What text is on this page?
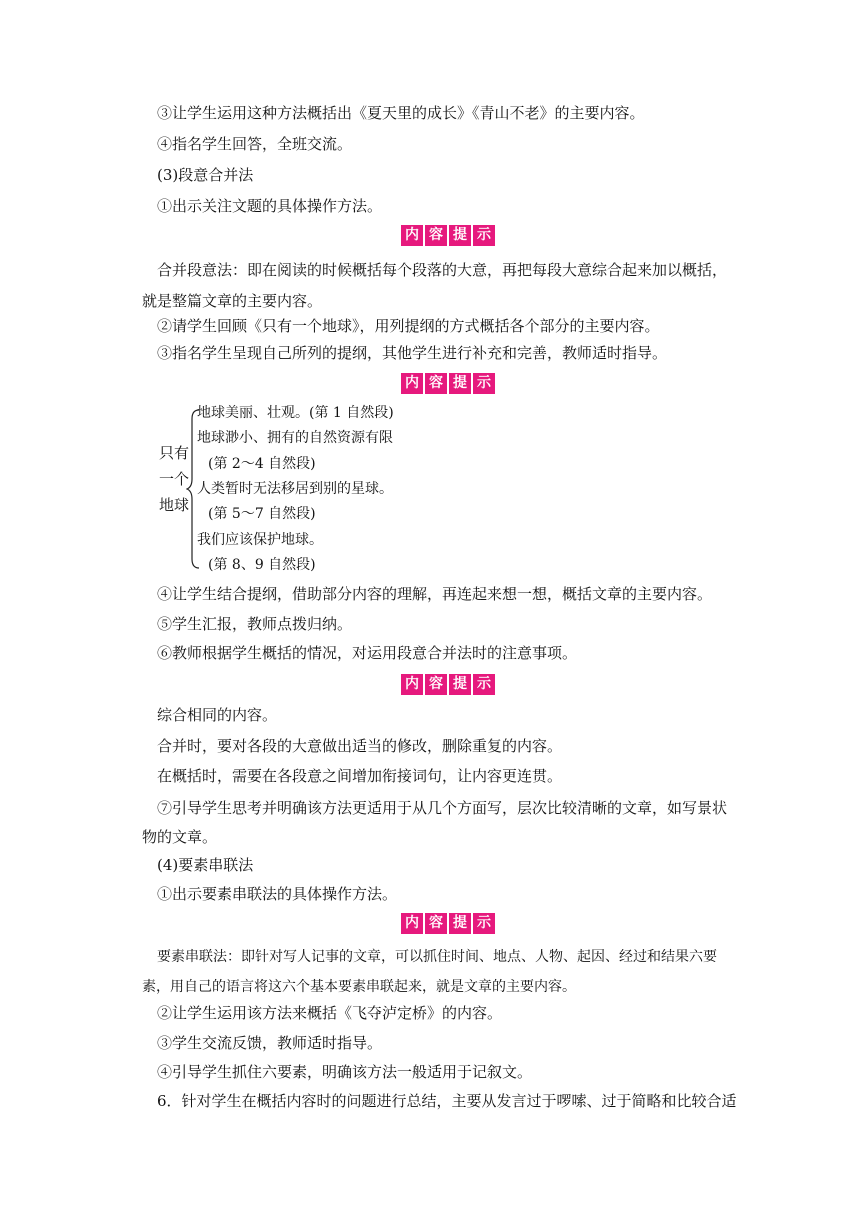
③让学生运用这种方法概括出《夏天里的成长》《青山不老》的主要内容。
④指名学生回答，全班交流。
(3)段意合并法
①出示关注文题的具体操作方法。
内 容 提 示
合并段意法：即在阅读的时候概括每个段落的大意，再把每段大意综合起来加以概括，就是整篇文章的主要内容。
②请学生回顾《只有一个地球》，用列提纲的方式概括各个部分的主要内容。
③指名学生呈现自己所列的提纲，其他学生进行补充和完善，教师适时指导。
内 容 提 示
只有
一个
地球
地球美丽、壮观。(第 1 自然段)
地球渺小、拥有的自然资源有限
(第 2～4 自然段)
人类暂时无法移居到别的星球。
(第 5～7 自然段)
我们应该保护地球。
(第 8、9 自然段)
④让学生结合提纲，借助部分内容的理解，再连起来想一想，概括文章的主要内容。
⑤学生汇报，教师点拨归纳。
⑥教师根据学生概括的情况，对运用段意合并法时的注意事项。
内 容 提 示
综合相同的内容。
合并时，要对各段的大意做出适当的修改，删除重复的内容。
在概括时，需要在各段意之间增加衔接词句，让内容更连贯。
⑦引导学生思考并明确该方法更适用于从几个方面写，层次比较清晰的文章，如写景状物的文章。
(4)要素串联法
①出示要素串联法的具体操作方法。
内 容 提 示
要素串联法：即针对写人记事的文章，可以抓住时间、地点、人物、起因、经过和结果六要素，用自己的语言将这六个基本要素串联起来，就是文章的主要内容。
②让学生运用该方法来概括《飞夺泸定桥》的内容。
③学生交流反馈，教师适时指导。
④引导学生抓住六要素，明确该方法一般适用于记叙文。
6．针对学生在概括内容时的问题进行总结，主要从发言过于啰嗦、过于简略和比较合适
